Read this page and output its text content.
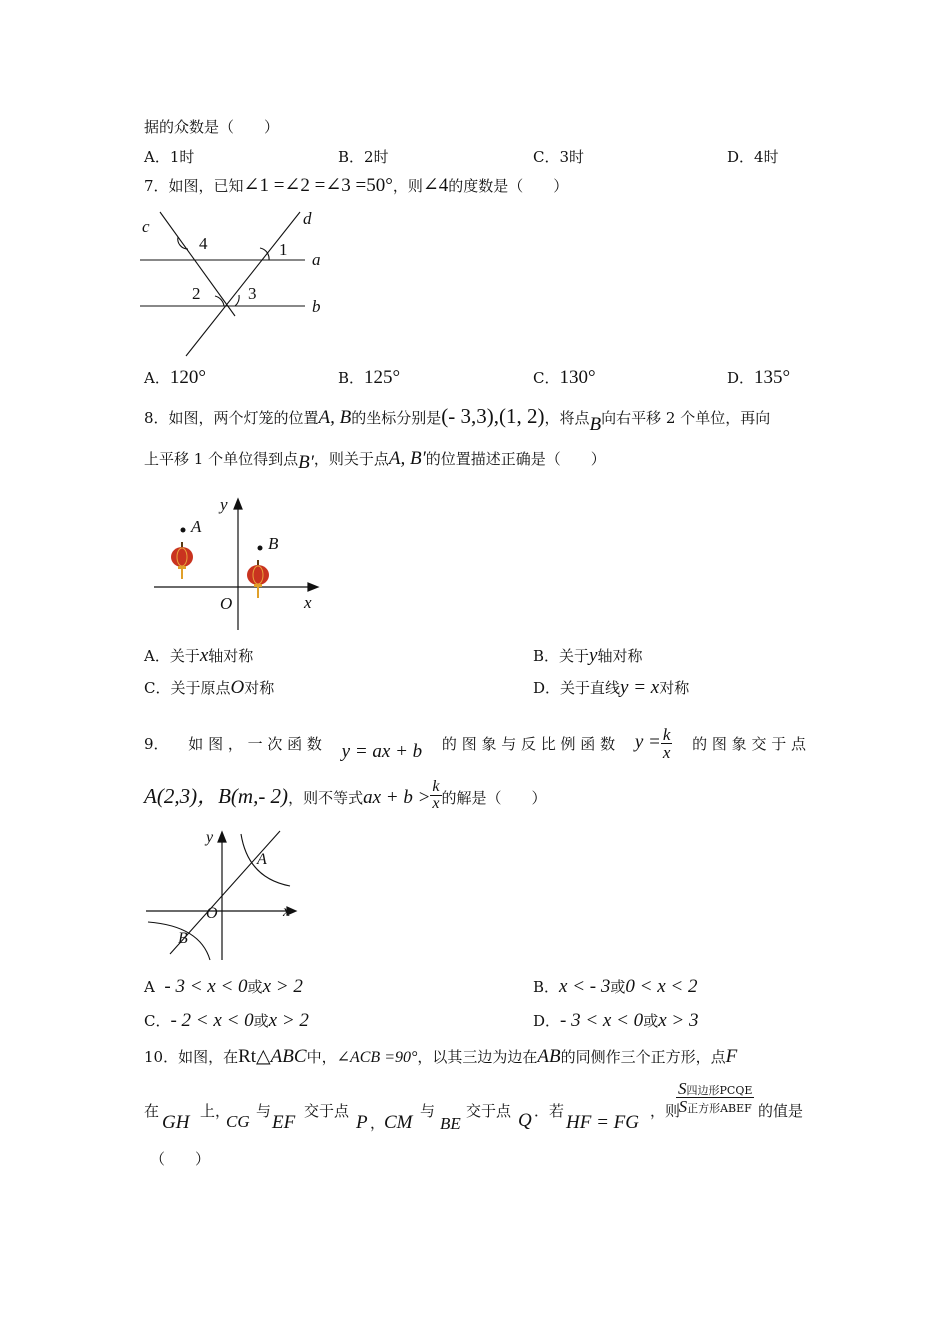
据的众数是（　　）
A．1时	B．2时	C．3时	D．4时
7．如图，已知∠1 =∠2 =∠3 =50°，则∠4的度数是（　　）
c	d
a
b
1
2	3
4
A．120°	B．125°	C．130°	D．135°
8．如图，两个灯笼的位置A, B的坐标分别是(- 3,3),(1, 2)，将点B向右平移 2 个单位，再向
上平移 1 个单位得到点B′，则关于点A, B′的位置描述正确是（　　）
y
x
O
A
B
A．关于x轴对称	B．关于y轴对称
C．关于原点O对称	D．关于直线y = x对称
9． 如 图 ， 一 次 函 数 y = ax + b 的 图 象 与 反 比 例 函 数 $y = \frac{k}{x}$ 的 图 象 交 于 点
A(2,3)，B(m,- 2)，则不等式ax + $b > \frac{k}{x}$ 的解是（　　）
y
x
O
A
B
A - 3 < x < 0或x > 2	B．x < - 3或0 < x < 2
C．- 2 < x < 0或x > 2	D．- 3 < x < 0或x > 3
10．如图，在Rt△ABC中，∠ACB =90°，以其三边为边在AB的同侧作三个正方形，点F
在
GH
上，
CG
与
EF
交于点
P ，
CM
与
BE
交于点 Q ．若
HF = FG
，则
S四边形PCQE
S正方形ABEF 的值是
（　　）
